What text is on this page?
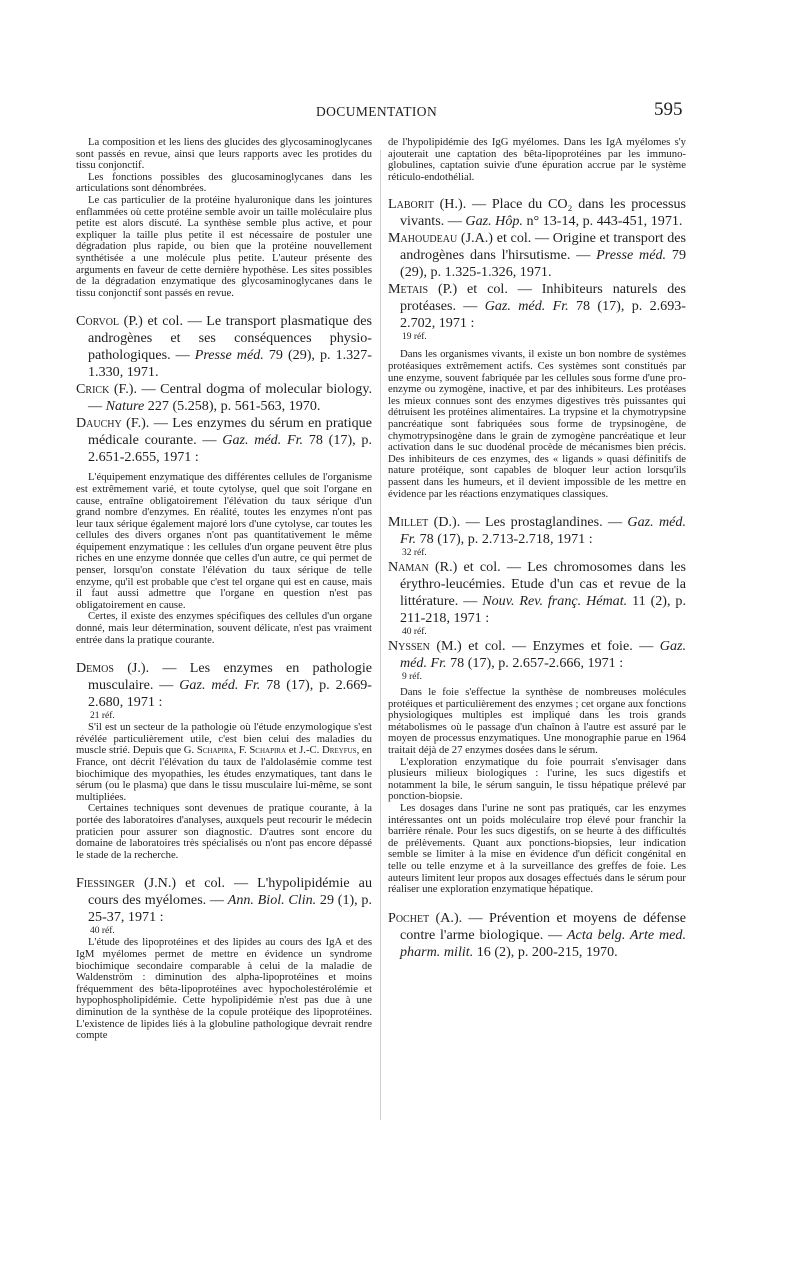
DOCUMENTATION	595

La composition et les liens des glucides des glycosaminoglycanes sont passés en revue, ainsi que leurs rapports avec les protides du tissu conjonctif.

Les fonctions possibles des glucosaminoglycanes dans les articulations sont dénombrées.

Le cas particulier de la protéine hyaluronique dans les jointures enflammées où cette protéine semble avoir un taille moléculaire plus petite est alors discuté. La synthèse semble plus active, et pour expliquer la taille plus petite il est nécessaire de postuler une dégradation plus rapide, ou bien que la protéine nouvellement synthétisée a une molécule plus petite. L'auteur présente des arguments en faveur de cette dernière hypothèse. Les sites possibles de la dégradation enzymatique des glycosaminoglycanes dans le tissu conjonctif sont passés en revue.

Corvol (P.) et col. — Le transport plasmatique des androgènes et ses conséquences physio-pathologiques. — Presse méd. 79 (29), p. 1.327-1.330, 1971.

Crick (F.). — Central dogma of molecular biology. — Nature 227 (5.258), p. 561-563, 1970.

Dauchy (F.). — Les enzymes du sérum en pratique médicale courante. — Gaz. méd. Fr. 78 (17), p. 2.651-2.655, 1971 :

L'équipement enzymatique des différentes cellules de l'organisme est extrêmement varié, et toute cytolyse, quel que soit l'organe en cause, entraîne obligatoirement l'élévation du taux sérique d'un grand nombre d'enzymes. En réalité, toutes les enzymes n'ont pas leur taux sérique également majoré lors d'une cytolyse, car toutes les cellules des divers organes n'ont pas quantitativement le même équipement enzymatique : les cellules d'un organe peuvent être plus riches en une enzyme donnée que celles d'un autre, ce qui permet de penser, lorsqu'on constate l'élévation du taux sérique de telle enzyme, qu'il est probable que c'est tel organe qui est en cause, mais il faut aussi admettre que l'organe en question n'est pas obligatoirement en cause.

Certes, il existe des enzymes spécifiques des cellules d'un organe donné, mais leur détermination, souvent délicate, n'est pas vraiment entrée dans la pratique courante.

Demos (J.). — Les enzymes en pathologie musculaire. — Gaz. méd. Fr. 78 (17), p. 2.669-2.680, 1971 :

21 réf.

S'il est un secteur de la pathologie où l'étude enzymologique s'est révélée particulièrement utile, c'est bien celui des maladies du muscle strié. Depuis que G. Schapira, F. Schapira et J.-C. Dreyfus, en France, ont décrit l'élévation du taux de l'aldolasémie comme test biochimique des myopathies, les études enzymatiques, tant dans le sérum (ou le plasma) que dans le tissu musculaire lui-même, se sont multipliées.

Certaines techniques sont devenues de pratique courante, à la portée des laboratoires d'analyses, auxquels peut recourir le médecin praticien pour assurer son diagnostic. D'autres sont encore du domaine de laboratoires très spécialisés ou n'ont pas encore dépassé le stade de la recherche.

Fiessinger (J.N.) et col. — L'hypolipidémie au cours des myélomes. — Ann. Biol. Clin. 29 (1), p. 25-37, 1971 :

40 réf.

L'étude des lipoprotéines et des lipides au cours des IgA et des IgM myélomes permet de mettre en évidence un syndrome biochimique secondaire comparable à celui de la maladie de Waldenström : diminution des alpha-lipoprotéines et moins fréquemment des bêta-lipoprotéines avec hypocholestérolémie et hypophospholipidémie. Cette hypolipidémie n'est pas due à une diminution de la synthèse de la copule protéique des lipoprotéines. L'existence de lipides liés à la globuline pathologique devrait rendre compte

de l'hypolipidémie des IgG myélomes. Dans les IgA myélomes s'y ajouterait une captation des bêta-lipoprotéines par les immuno-globulines, captation suivie d'une épuration accrue par le système réticulo-endothélial.

Laborit (H.). — Place du CO₂ dans les processus vivants. — Gaz. Hôp. n° 13-14, p. 443-451, 1971.

Mahoudeau (J.A.) et col. — Origine et transport des androgènes dans l'hirsutisme. — Presse méd. 79 (29), p. 1.325-1.326, 1971.

Metais (P.) et col. — Inhibiteurs naturels des protéases. — Gaz. méd. Fr. 78 (17), p. 2.693-2.702, 1971 :

19 réf.

Dans les organismes vivants, il existe un bon nombre de systèmes protéasiques extrêmement actifs. Ces systèmes sont constitués par une enzyme, souvent fabriquée par les cellules sous forme d'une pro-enzyme ou zymogène, inactive, et par des inhibiteurs. Les protéases les mieux connues sont des enzymes digestives très puissantes qui détruisent les protéines alimentaires. La trypsine et la chymotrypsine pancréatique sont fabriquées sous forme de trypsinogène, de chymotrypsinogène dans le grain de zymogène pancréatique et leur activation dans le suc duodénal procède de mécanismes bien précis. Des inhibiteurs de ces enzymes, des « ligands » quasi définitifs de nature protéique, sont capables de bloquer leur action lorsqu'ils passent dans les humeurs, et il devient impossible de les mettre en évidence par les réactions enzymatiques classiques.

Millet (D.). — Les prostaglandines. — Gaz. méd. Fr. 78 (17), p. 2.713-2.718, 1971 :

32 réf.

Naman (R.) et col. — Les chromosomes dans les érythro-leucémies. Etude d'un cas et revue de la littérature. — Nouv. Rev. franç. Hémat. 11 (2), p. 211-218, 1971 :

40 réf.

Nyssen (M.) et col. — Enzymes et foie. — Gaz. méd. Fr. 78 (17), p. 2.657-2.666, 1971 :

9 réf.

Dans le foie s'effectue la synthèse de nombreuses molécules protéiques et particulièrement des enzymes ; cet organe aux fonctions physiologiques multiples est impliqué dans les trois grands métabolismes où le passage d'un chaînon à l'autre est assuré par le moyen de processus enzymatiques. Une monographie parue en 1964 traitait déjà de 27 enzymes dosées dans le sérum.

L'exploration enzymatique du foie pourrait s'envisager dans plusieurs milieux biologiques : l'urine, les sucs digestifs et notamment la bile, le sérum sanguin, le tissu hépatique prélevé par ponction-biopsie.

Les dosages dans l'urine ne sont pas pratiqués, car les enzymes intéressantes ont un poids moléculaire trop élevé pour franchir la barrière rénale. Pour les sucs digestifs, on se heurte à des difficultés de prélèvements. Quant aux ponctions-biopsies, leur indication semble se limiter à la mise en évidence d'un déficit congénital en telle ou telle enzyme et à la surveillance des greffes de foie. Les auteurs limitent leur propos aux dosages effectués dans le sérum pour réaliser une exploration enzymatique hépatique.

Pochet (A.). — Prévention et moyens de défense contre l'arme biologique. — Acta belg. Arte med. pharm. milit. 16 (2), p. 200-215, 1970.
